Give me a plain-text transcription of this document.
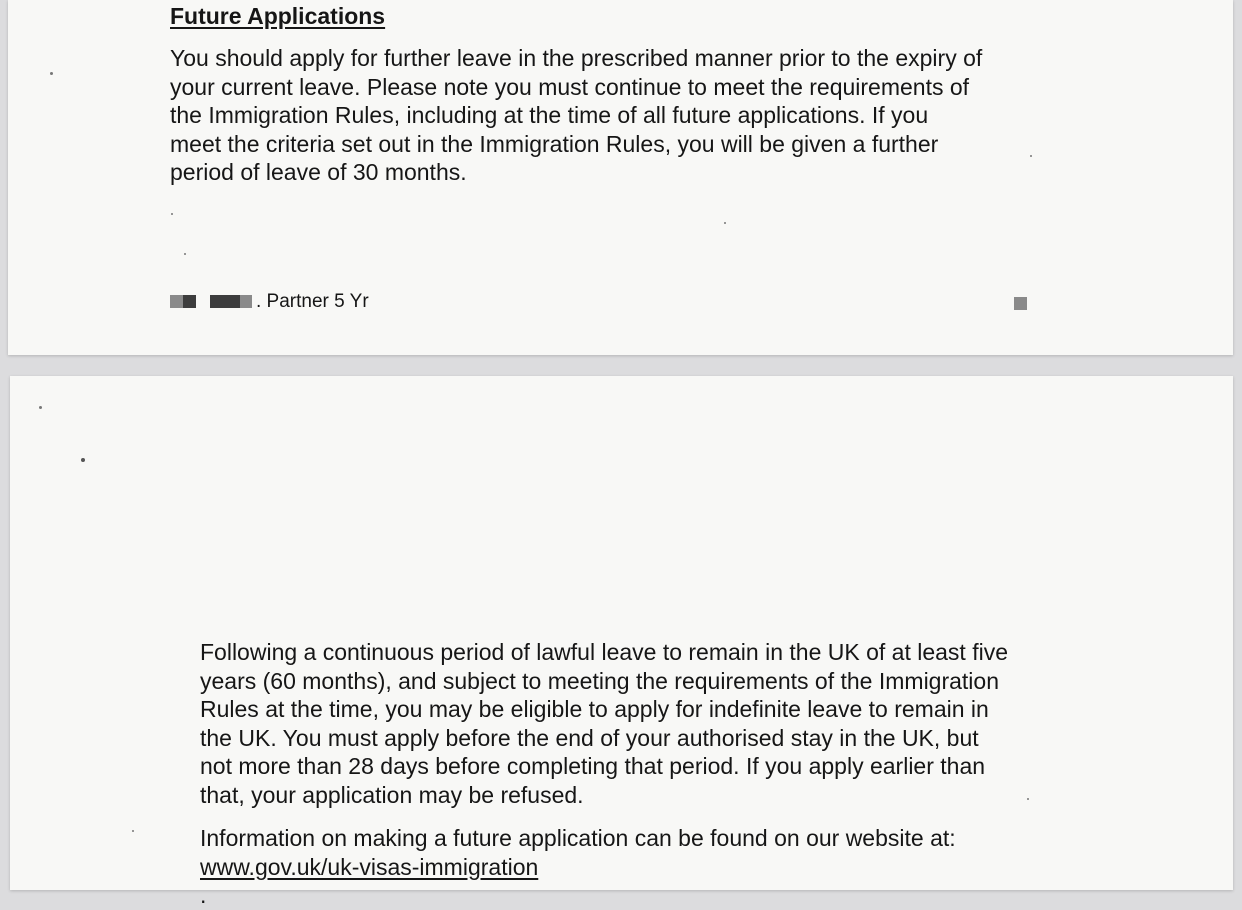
Future Applications

You should apply for further leave in the prescribed manner prior to the expiry of
your current leave. Please note you must continue to meet the requirements of
the Immigration Rules, including at the time of all future applications. If you
meet the criteria set out in the Immigration Rules, you will be given a further
period of leave of 30 months.

. Partner 5 Yr

Following a continuous period of lawful leave to remain in the UK of at least five
years (60 months), and subject to meeting the requirements of the Immigration
Rules at the time, you may be eligible to apply for indefinite leave to remain in
the UK. You must apply before the end of your authorised stay in the UK, but
not more than 28 days before completing that period. If you apply earlier than
that, your application may be refused.

Information on making a future application can be found on our website at:
www.gov.uk/uk-visas-immigration
.
